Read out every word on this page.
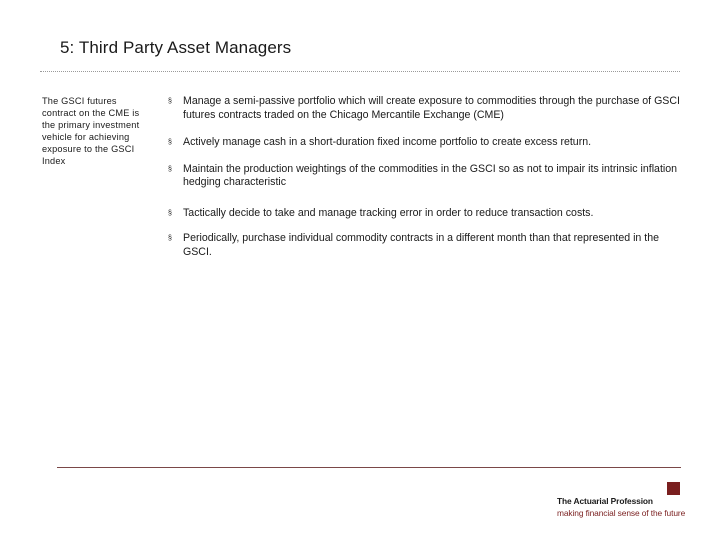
5: Third Party Asset Managers
The GSCI futures contract on the CME is the primary investment vehicle for achieving exposure to the GSCI Index
§	Manage a semi-passive portfolio which will create exposure to commodities through the purchase of GSCI futures contracts traded on the Chicago Mercantile Exchange (CME)
§	Actively manage cash in a short-duration fixed income portfolio to create excess return.
§	Maintain the production weightings of the commodities in the GSCI so as not to impair its intrinsic inflation hedging characteristic
§	Tactically decide to take and manage tracking error in order to reduce transaction costs.
§	Periodically, purchase individual commodity contracts in a different month than that represented in the GSCI.
The Actuarial Profession
making financial sense of the future
